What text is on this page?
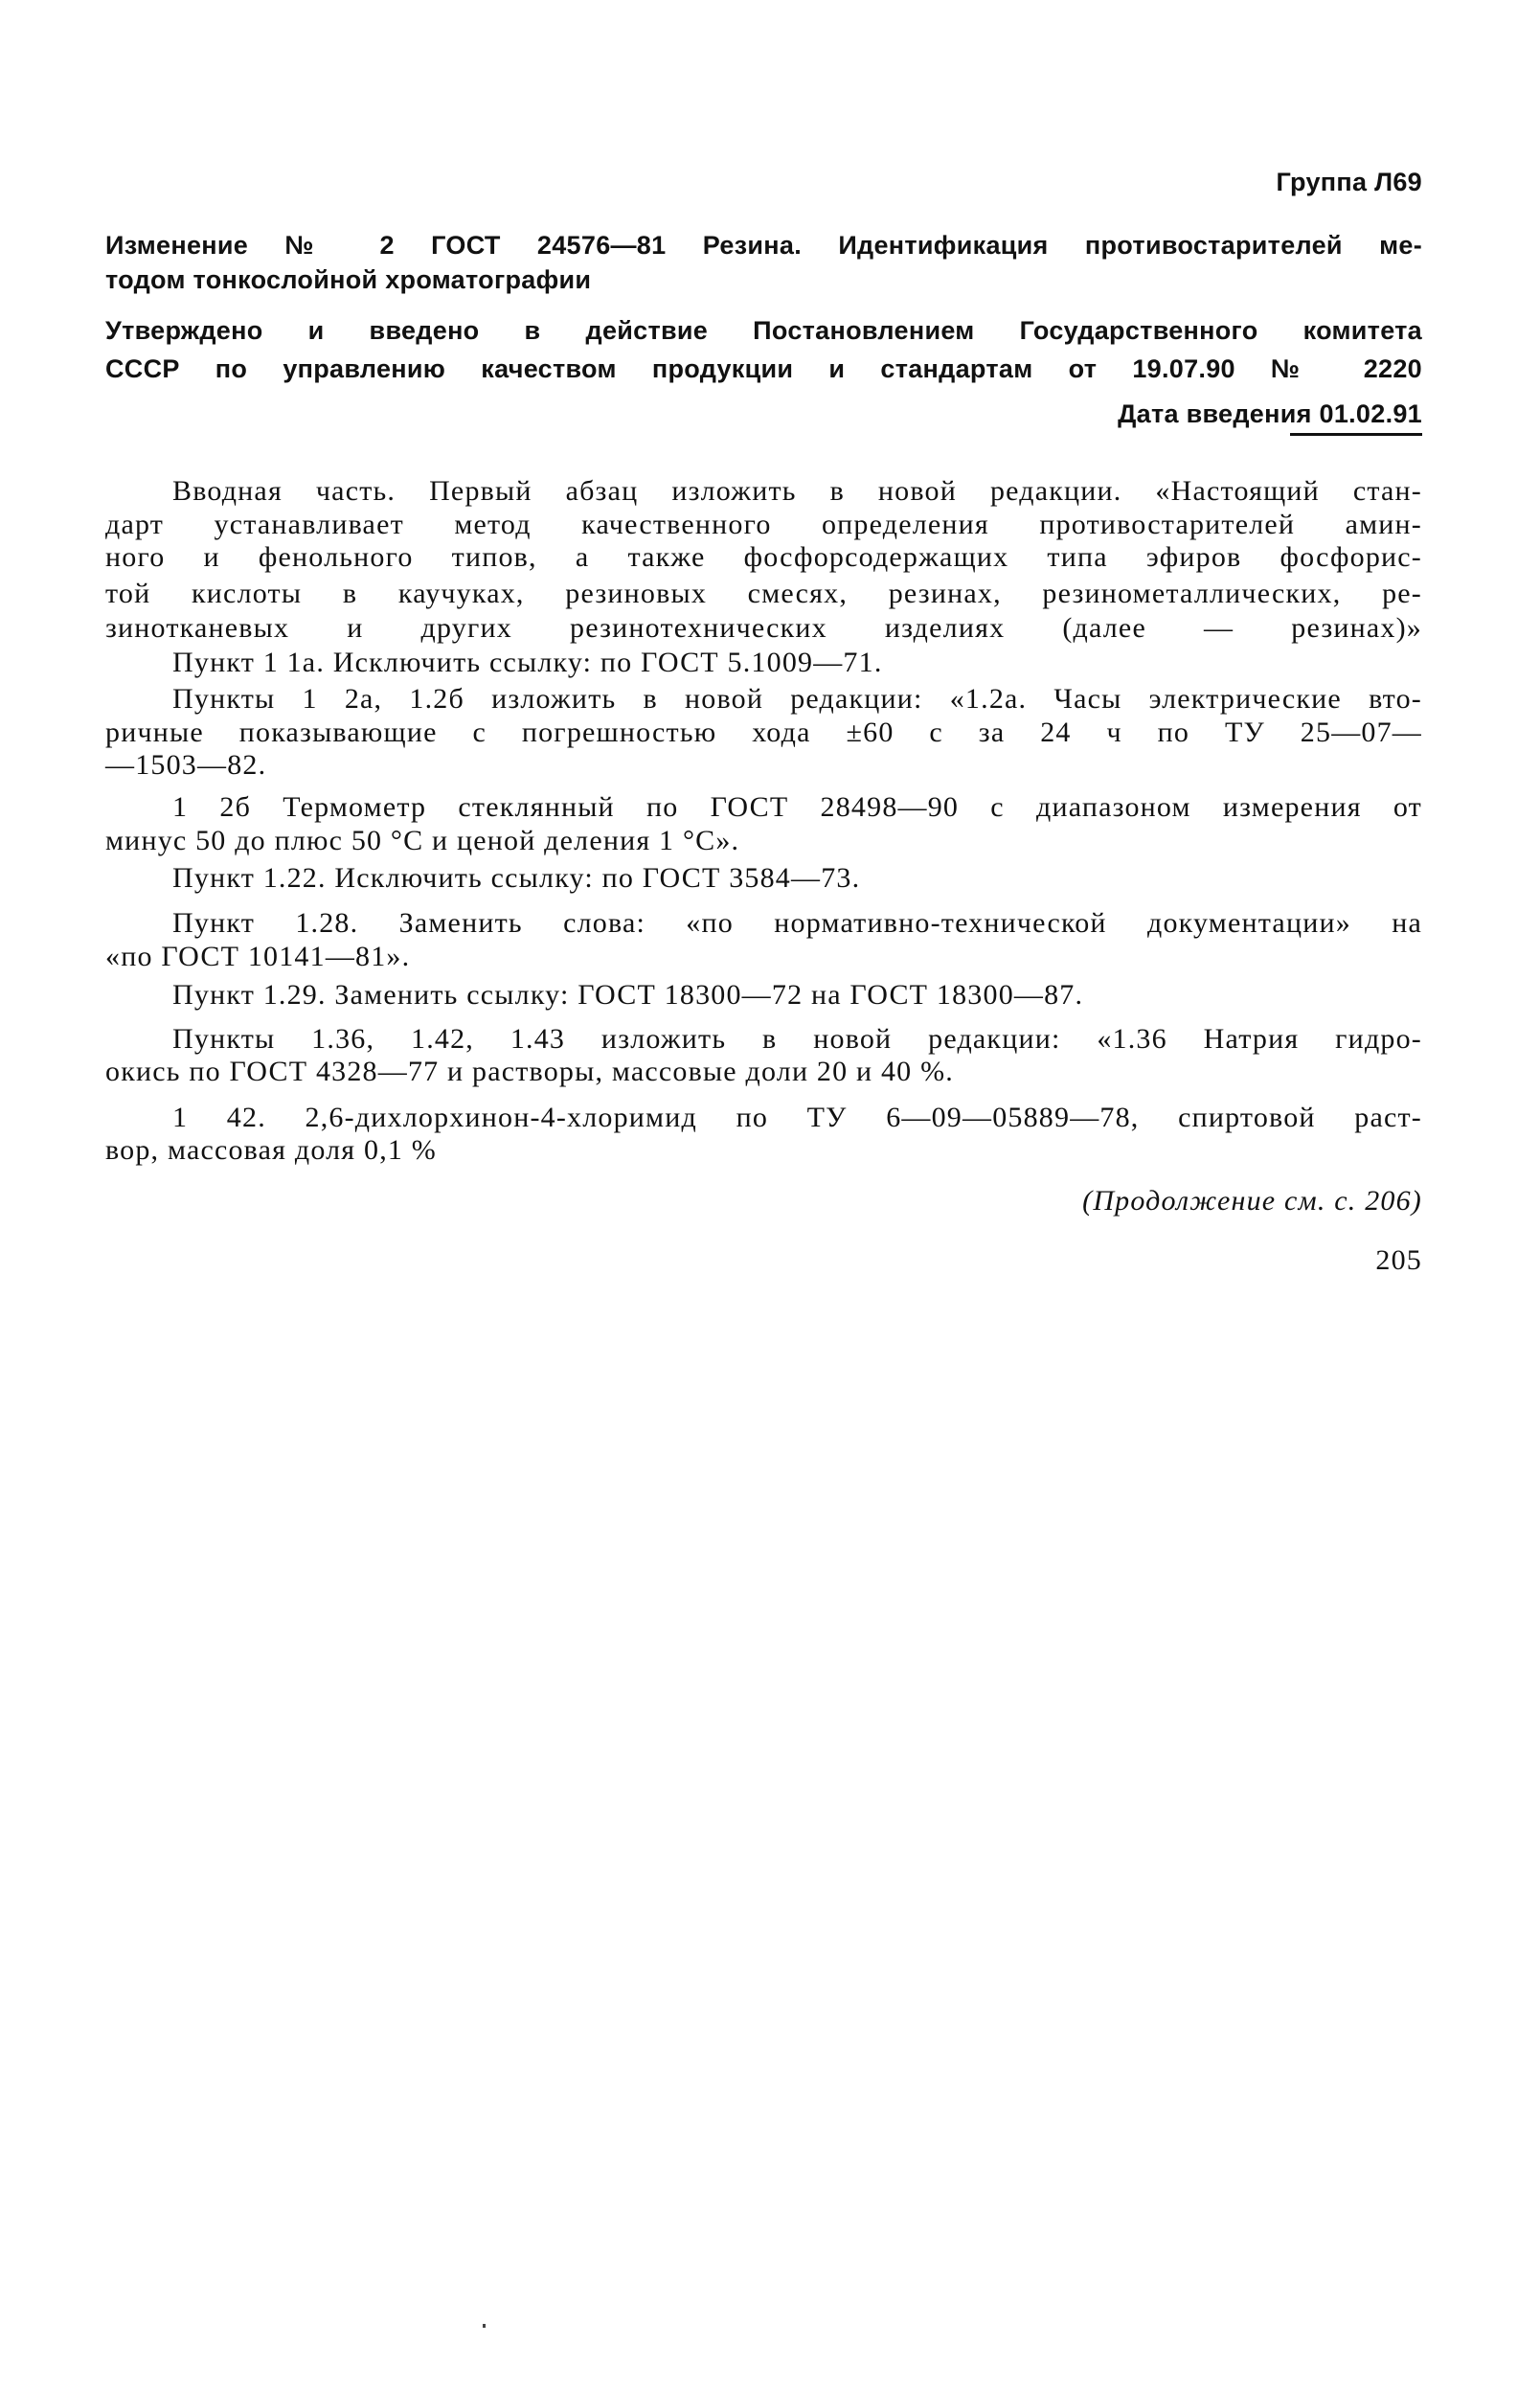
Группа Л69
Изменение № 2 ГОСТ 24576—81 Резина. Идентификация противостарителей ме-
тодом тонкослойной хроматографии
Утверждено и введено в действие Постановлением Государственного комитета
СССР по управлению качеством продукции и стандартам от 19.07.90 № 2220
Дата введения 01.02.91
Вводная часть. Первый абзац изложить в новой редакции. «Настоящий стан-
дарт устанавливает метод качественного определения противостарителей амин-
ного и фенольного типов, а также фосфорсодержащих типа эфиров фосфорис-
той кислоты в каучуках, резиновых смесях, резинах, резинометаллических, ре-
зинотканевых и других резинотехнических изделиях (далее — резинах)»
Пункт 1 1а. Исключить ссылку: по ГОСТ 5.1009—71.
Пункты 1 2а, 1.2б изложить в новой редакции: «1.2а. Часы электрические вто-
ричные показывающие с погрешностью хода ±60 с за 24 ч по ТУ 25—07—
—1503—82.
1 2б Термометр стеклянный по ГОСТ 28498—90 с диапазоном измерения от
минус 50 до плюс 50 °С и ценой деления 1 °С».
Пункт 1.22. Исключить ссылку: по ГОСТ 3584—73.
Пункт 1.28. Заменить слова: «по нормативно-технической документации» на
«по ГОСТ 10141—81».
Пункт 1.29. Заменить ссылку: ГОСТ 18300—72 на ГОСТ 18300—87.
Пункты 1.36, 1.42, 1.43 изложить в новой редакции: «1.36 Натрия гидро-
окись по ГОСТ 4328—77 и растворы, массовые доли 20 и 40 %.
1 42. 2,6-дихлорхинон-4-хлоримид по ТУ 6—09—05889—78, спиртовой раст-
вор, массовая доля 0,1 %
(Продолжение см. с. 206)
205
